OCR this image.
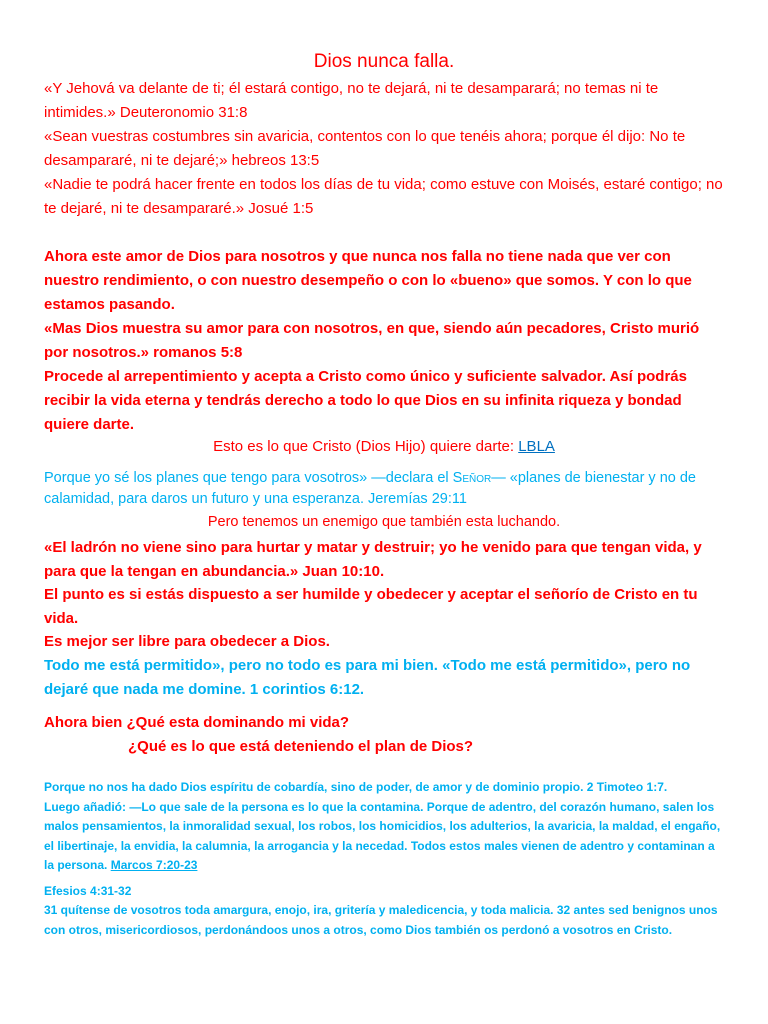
Dios nunca falla.

«Y Jehová va delante de ti; él estará contigo, no te dejará, ni te desamparará; no temas ni te intimides.» Deuteronomio 31:8

«Sean vuestras costumbres sin avaricia, contentos con lo que tenéis ahora; porque él dijo: No te desampararé, ni te dejaré;» hebreos 13:5

«Nadie te podrá hacer frente en todos los días de tu vida; como estuve con Moisés, estaré contigo; no te dejaré, ni te desampararé.» Josué 1:5

Ahora este amor de Dios para nosotros y que nunca nos falla no tiene nada que ver con nuestro rendimiento, o con nuestro desempeño o con lo «bueno» que somos. Y con lo que estamos pasando.

«Mas Dios muestra su amor para con nosotros, en que, siendo aún pecadores, Cristo murió por nosotros.» romanos 5:8

Procede al arrepentimiento y acepta a Cristo como único y suficiente salvador. Así podrás recibir la vida eterna y tendrás derecho a todo lo que Dios en su infinita riqueza y bondad quiere darte.

Esto es lo que Cristo (Dios Hijo) quiere darte: LBLA

Porque yo sé los planes que tengo para vosotros» —declara el Señor— «planes de bienestar y no de calamidad, para daros un futuro y una esperanza. Jeremías 29:11

Pero tenemos un enemigo que también esta luchando.

«El ladrón no viene sino para hurtar y matar y destruir; yo he venido para que tengan vida, y para que la tengan en abundancia.» Juan 10:10.

El punto es si estás dispuesto a ser humilde y obedecer y aceptar el señorío de Cristo en tu vida.

Es mejor ser libre para obedecer a Dios.

Todo me está permitido», pero no todo es para mi bien. «Todo me está permitido», pero no dejaré que nada me domine. 1 corintios 6:12.

Ahora bien ¿Qué esta dominando mi vida?

¿Qué es lo que está deteniendo el plan de Dios?

Porque no nos ha dado Dios espíritu de cobardía, sino de poder, de amor y de dominio propio. 2 Timoteo 1:7.

Luego añadió: —Lo que sale de la persona es lo que la contamina. Porque de adentro, del corazón humano, salen los malos pensamientos, la inmoralidad sexual, los robos, los homicidios, los adulterios, la avaricia, la maldad, el engaño, el libertinaje, la envidia, la calumnia, la arrogancia y la necedad. Todos estos males vienen de adentro y contaminan a la persona. Marcos 7:20-23

Efesios 4:31-32

31 quítense de vosotros toda amargura, enojo, ira, gritería y maledicencia, y toda malicia. 32 antes sed benignos unos con otros, misericordiosos, perdonándoos unos a otros, como Dios también os perdonó a vosotros en Cristo.
